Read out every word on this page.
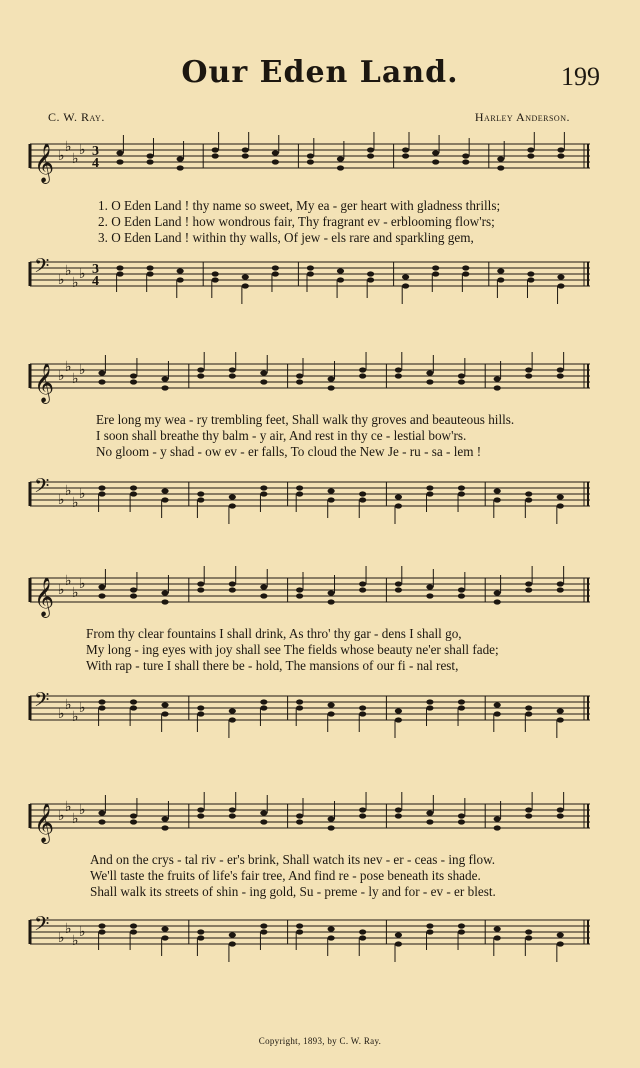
Our Eden Land.	199
C. W. Ray.	Harley Anderson.
𝄞 ♭
♭
♭
♭ 3
4
𝄢 ♭
♭
♭
♭ 3
4
1. O Eden Land ! thy name so sweet, My ea - ger heart with gladness thrills;
2. O Eden Land ! how wondrous fair, Thy fragrant ev - erblooming flow'rs;
3. O Eden Land ! within thy walls, Of jew - els rare and sparkling gem,
𝄞 ♭
♭
♭
♭
𝄢 ♭
♭
♭
♭
Ere long my wea - ry trembling feet, Shall walk thy groves and beauteous hills.
I soon shall breathe thy balm - y air, And rest in thy ce - lestial bow'rs.
No gloom - y shad - ow ev - er falls, To cloud the New Je - ru - sa - lem !
𝄞 ♭
♭
♭
♭
𝄢 ♭
♭
♭
♭
From thy clear fountains I shall drink, As thro' thy gar - dens I shall go,
My long - ing eyes with joy shall see The fields whose beauty ne'er shall fade;
With rap - ture I shall there be - hold, The mansions of our fi - nal rest,
𝄞 ♭
♭
♭
♭
𝄢 ♭
♭
♭
♭
And on the crys - tal riv - er's brink, Shall watch its nev - er - ceas - ing flow.
We'll taste the fruits of life's fair tree, And find re - pose beneath its shade.
Shall walk its streets of shin - ing gold, Su - preme - ly and for - ev - er blest.
Copyright, 1893, by C. W. Ray.
